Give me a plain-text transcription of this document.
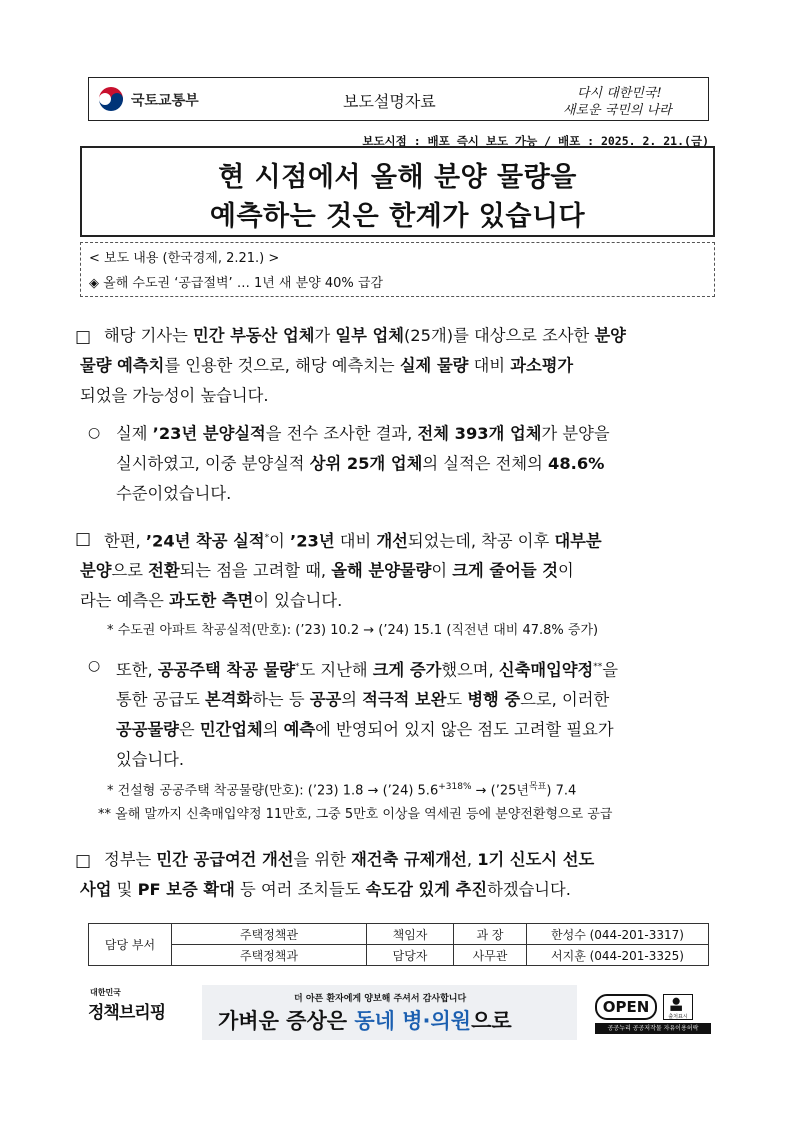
국토교통부	보도설명자료	다시 대한민국!
새로운 국민의 나라
보도시점 : 배포 즉시 보도 가능 / 배포 : 2025. 2. 21.(금)
현 시점에서 올해 분양 물량을
예측하는 것은 한계가 있습니다
< 보도 내용 (한국경제, 2.21.) >
◈ 올해 수도권 ‘공급절벽’ … 1년 새 분양 40% 급감
□ 해당 기사는 민간 부동산 업체가 일부 업체(25개)를 대상으로 조사한 분양
물량 예측치를 인용한 것으로, 해당 예측치는 실제 물량 대비 과소평가
되었을 가능성이 높습니다.
○ 실제 ’23년 분양실적을 전수 조사한 결과, 전체 393개 업체가 분양을
실시하였고, 이중 분양실적 상위 25개 업체의 실적은 전체의 48.6%
수준이었습니다.
□ 한편, ’24년 착공 실적*이 ’23년 대비 개선되었는데, 착공 이후 대부분
분양으로 전환되는 점을 고려할 때, 올해 분양물량이 크게 줄어들 것이
라는 예측은 과도한 측면이 있습니다.
* 수도권 아파트 착공실적(만호): (’23) 10.2 → (’24) 15.1 (직전년 대비 47.8% 증가)
○ 또한, 공공주택 착공 물량*도 지난해 크게 증가했으며, 신축매입약정**을
통한 공급도 본격화하는 등 공공의 적극적 보완도 병행 중으로, 이러한
공공물량은 민간업체의 예측에 반영되어 있지 않은 점도 고려할 필요가
있습니다.
* 건설형 공공주택 착공물량(만호): (’23) 1.8 → (’24) $5.6^{+318\%}$ → (’25년$^{목표}$) 7.4
** 올해 말까지 신축매입약정 11만호, 그중 5만호 이상을 역세권 등에 분양전환형으로 공급
□ 정부는 민간 공급여건 개선을 위한 재건축 규제개선, 1기 신도시 선도
사업 및 PF 보증 확대 등 여러 조치들도 속도감 있게 추진하겠습니다.
담당 부서	주택정책관	책임자	과 장	한성수 (044-201-3317)
	주택정책과	담당자	사무관	서지훈 (044-201-3325)
대한민국
정책브리핑
더 아픈 환자에게 양보해 주셔서 감사합니다
가벼운 증상은 동네 병·의원으로
OPEN
출처표시
공공누리 공공저작물 자유이용허락
